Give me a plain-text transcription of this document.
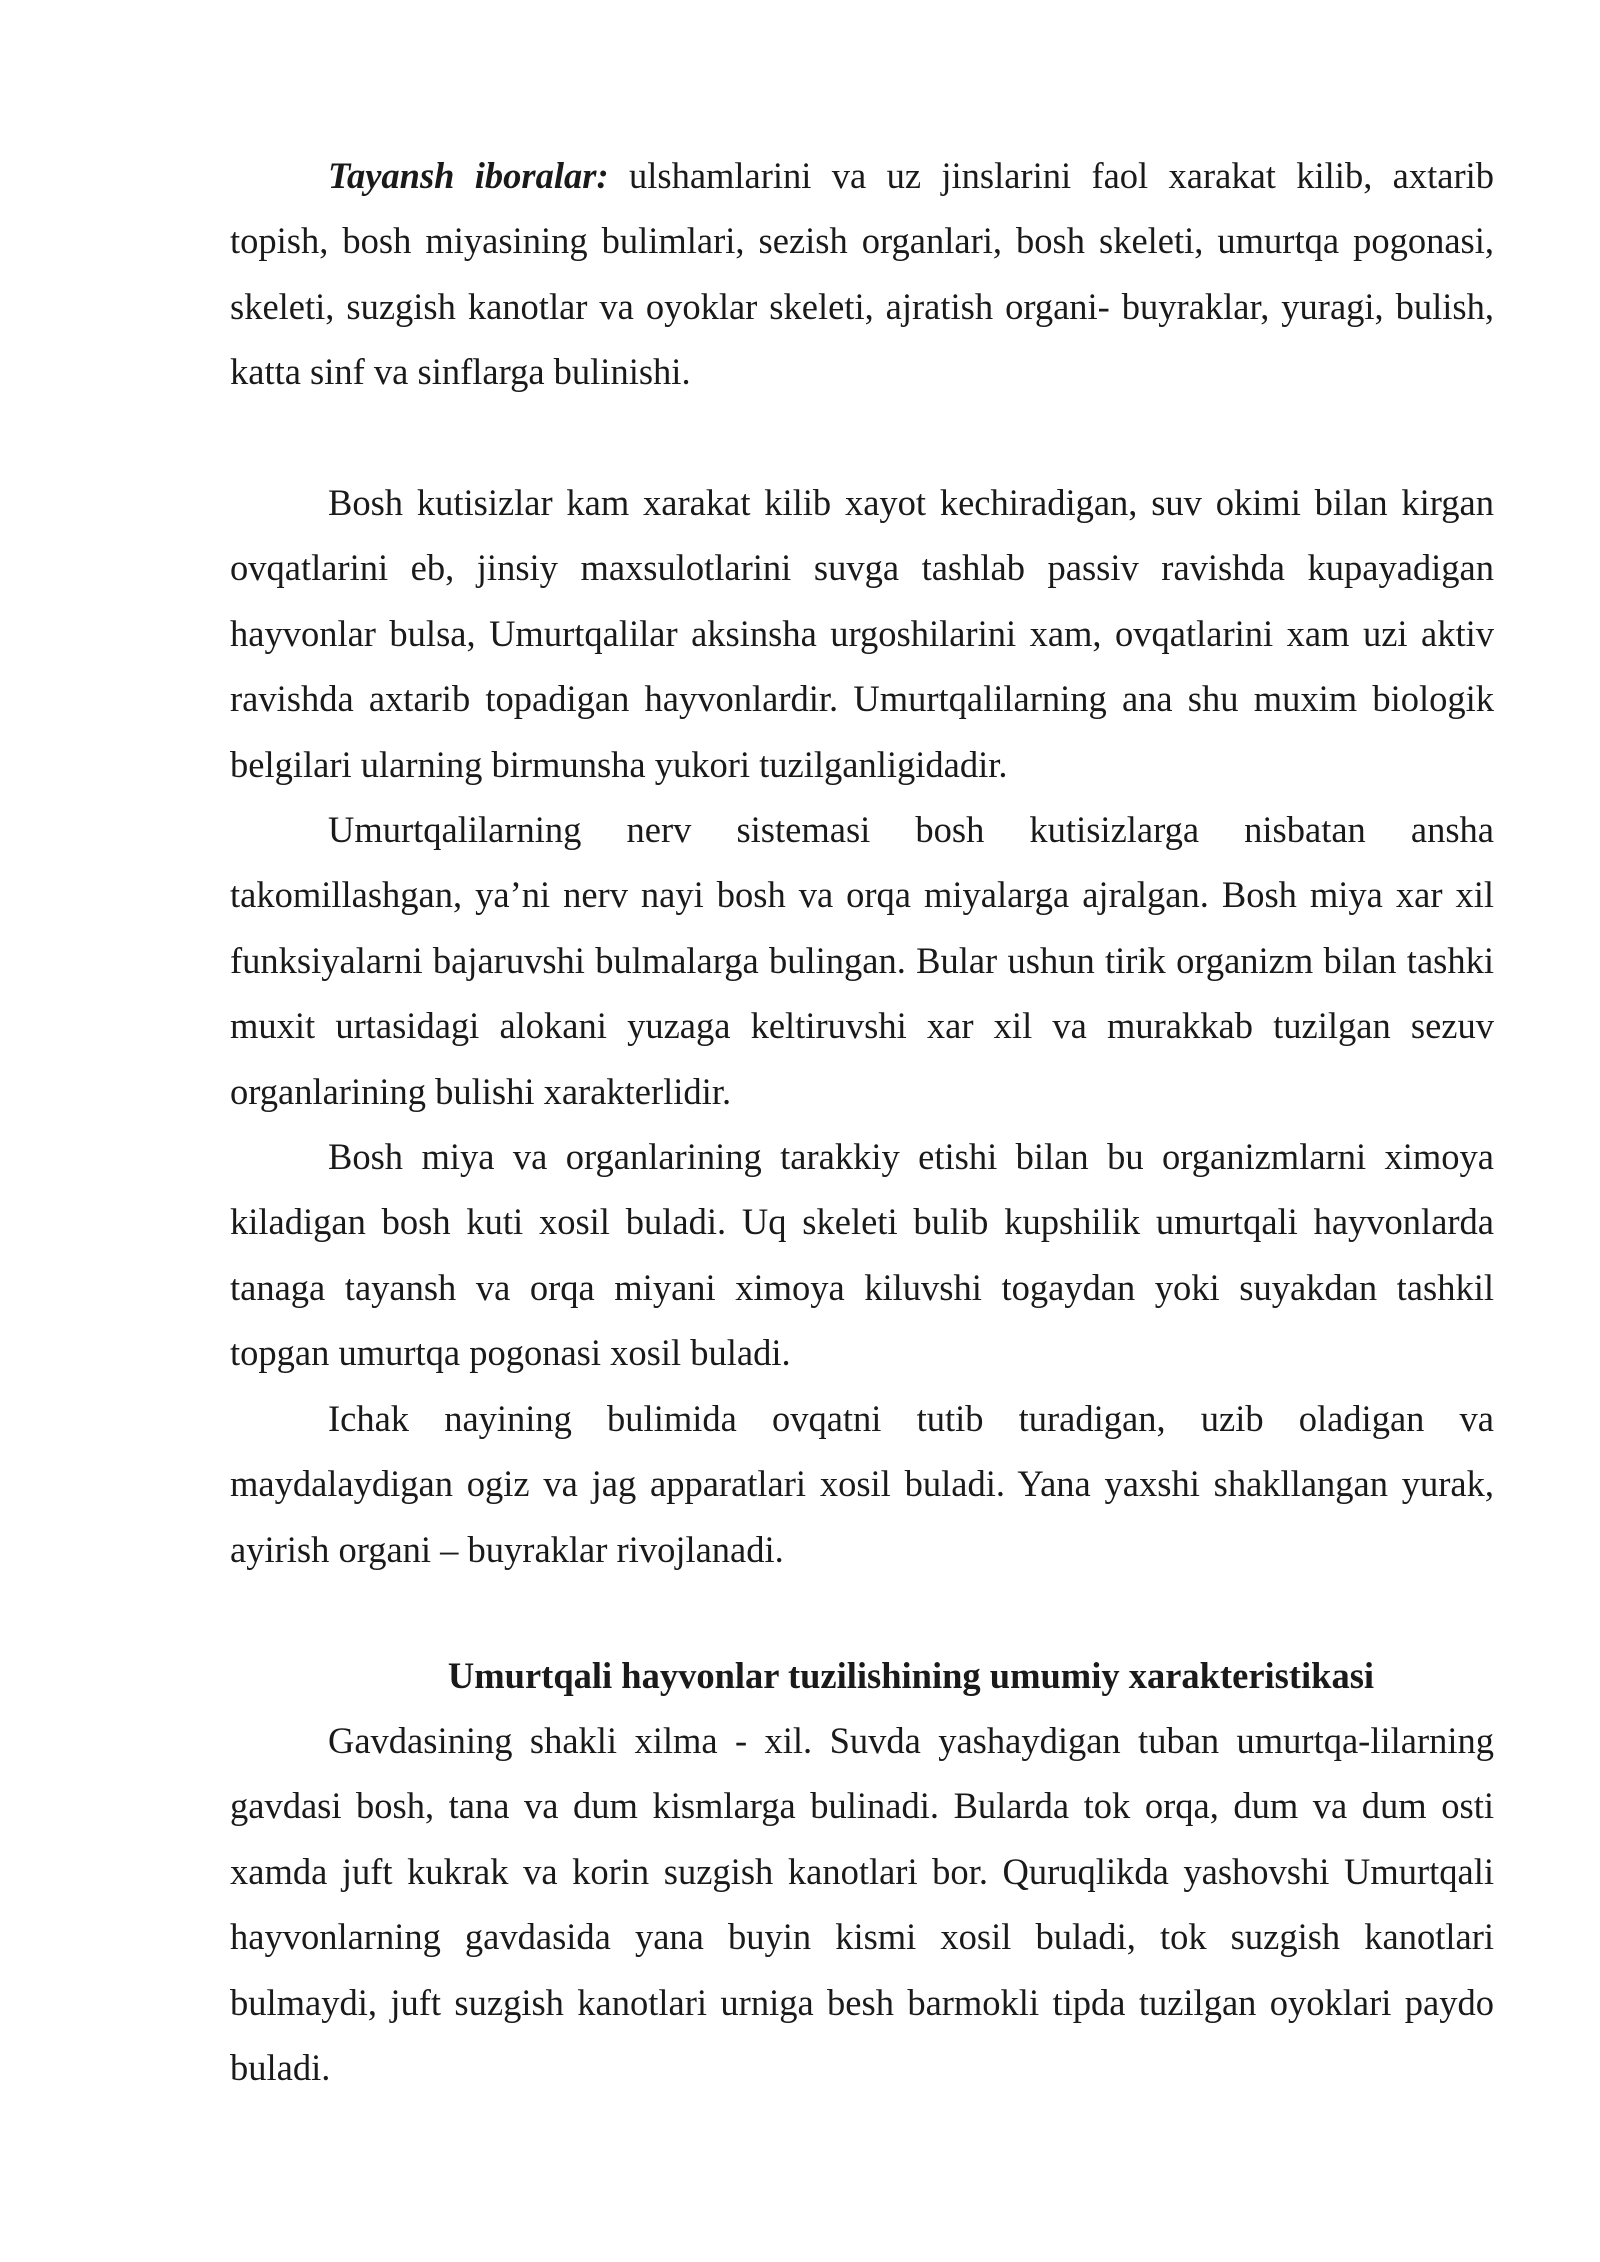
Tayansh iboralar: ulshamlarini va uz jinslarini faol xarakat kilib, axtarib topish, bosh miyasining bulimlari, sezish organlari, bosh skeleti, umurtqa pogonasi, skeleti, suzgish kanotlar va oyoklar skeleti, ajratish organi- buyraklar, yuragi, bulish, katta sinf va sinflarga bulinishi.

Bosh kutisizlar kam xarakat kilib xayot kechiradigan, suv okimi bilan kirgan ovqatlarini eb, jinsiy maxsulotlarini suvga tashlab passiv ravishda kupayadigan hayvonlar bulsa, Umurtqalilar aksinsha urgoshilarini xam, ovqatlarini xam uzi aktiv ravishda axtarib topadigan hayvonlardir. Umurtqalilarning ana shu muxim biologik belgilari ularning birmunsha yukori tuzilganligidadir.

Umurtqalilarning nerv sistemasi bosh kutisizlarga nisbatan ansha takomillashgan, ya’ni nerv nayi bosh va orqa miyalarga ajralgan. Bosh miya xar xil funksiyalarni bajaruvshi bulmalarga bulingan. Bular ushun tirik organizm bilan tashki muxit urtasidagi alokani yuzaga keltiruvshi xar xil va murakkab tuzilgan sezuv organlarining bulishi xarakterlidir.

Bosh miya va organlarining tarakkiy etishi bilan bu organizmlarni ximoya kiladigan bosh kuti xosil buladi. Uq skeleti bulib kupshilik umurtqali hayvonlarda tanaga tayansh va orqa miyani ximoya kiluvshi togaydan yoki suyakdan tashkil topgan umurtqa pogonasi xosil buladi.

Ichak nayining bulimida ovqatni tutib turadigan, uzib oladigan va maydalaydigan ogiz va jag apparatlari xosil buladi. Yana yaxshi shakllangan yurak, ayirish organi – buyraklar rivojlanadi.

Umurtqali hayvonlar tuzilishining umumiy xarakteristikasi

Gavdasining shakli xilma - xil. Suvda yashaydigan tuban umurtqa-lilarning gavdasi bosh, tana va dum kismlarga bulinadi. Bularda tok orqa, dum va dum osti xamda juft kukrak va korin suzgish kanotlari bor. Quruqlikda yashovshi Umurtqali hayvonlarning gavdasida yana buyin kismi xosil buladi, tok suzgish kanotlari bulmaydi, juft suzgish kanotlari urniga besh barmokli tipda tuzilgan oyoklari paydo buladi.
